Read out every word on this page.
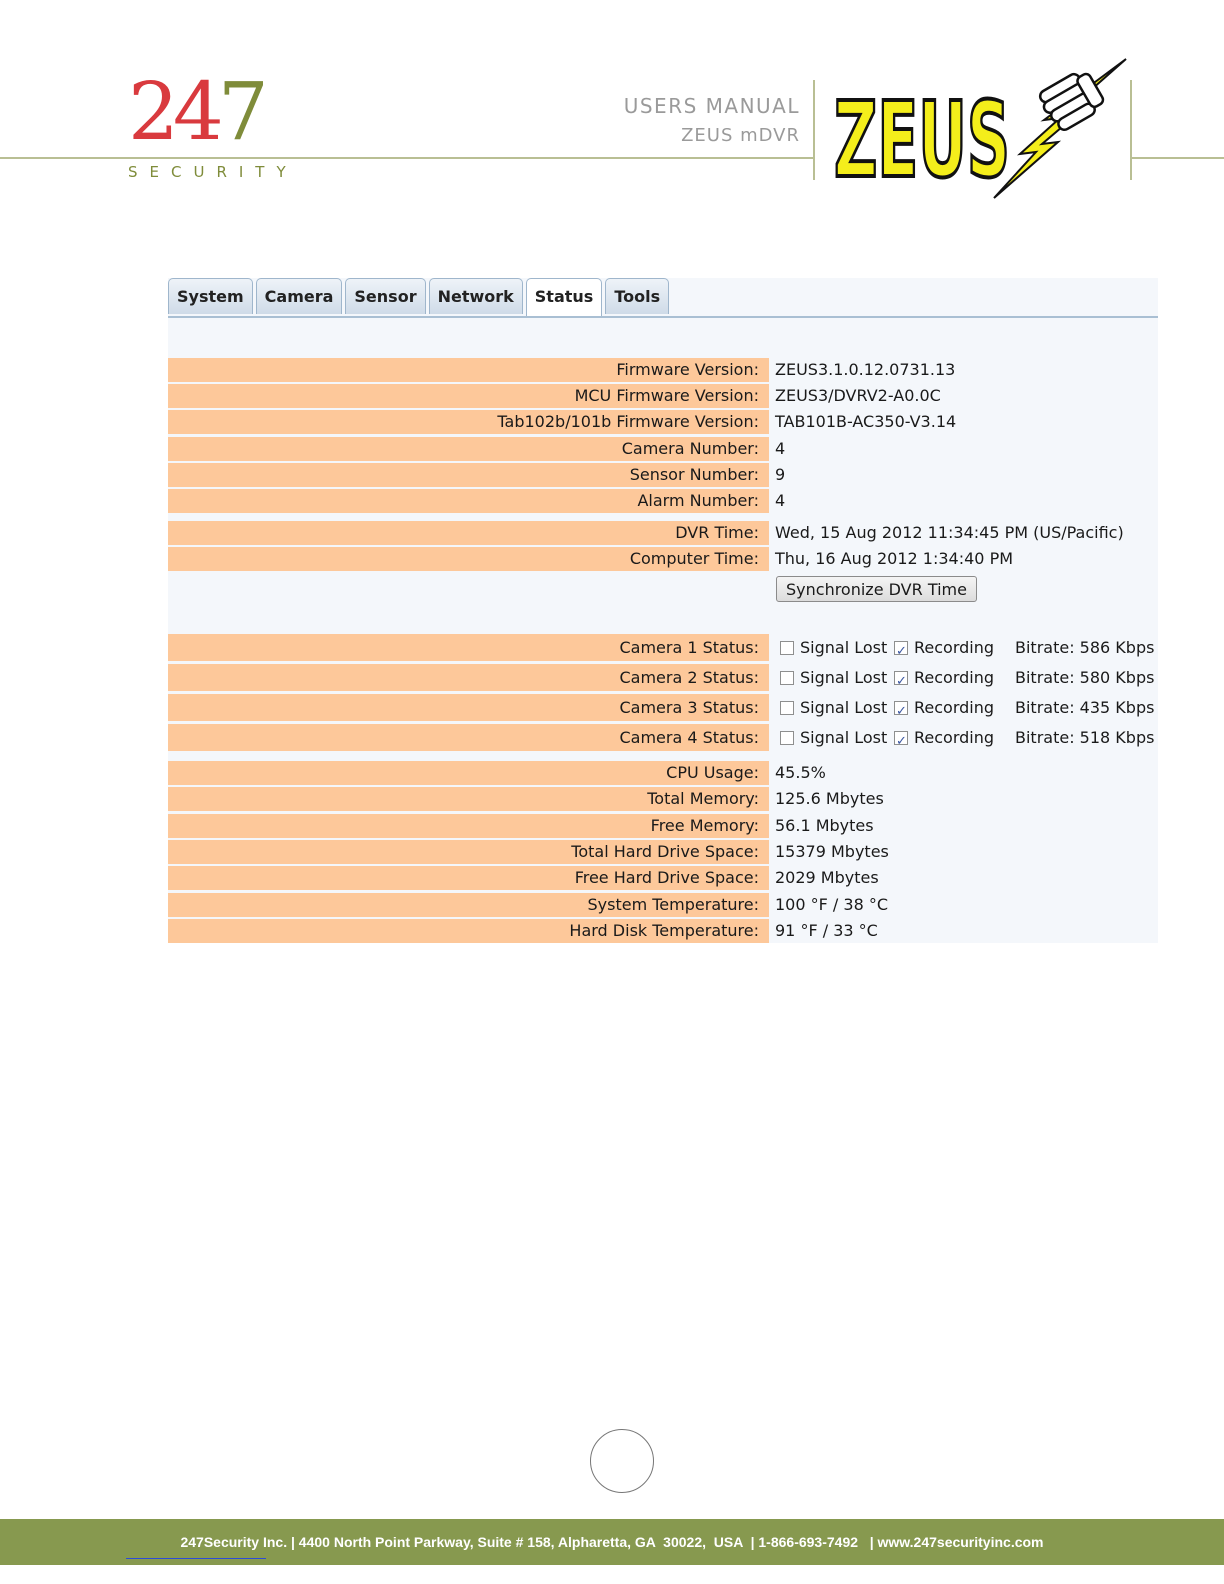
247
SECURITY
USERS MANUAL
ZEUS mDVR ZEUS
System	Camera	Sensor	Network	Status	Tools
Firmware Version:	ZEUS3.1.0.12.0731.13
MCU Firmware Version:	ZEUS3/DVRV2-A0.0C
Tab102b/101b Firmware Version:	TAB101B-AC350-V3.14
Camera Number:	4
Sensor Number:	9
Alarm Number:	4
DVR Time:	Wed, 15 Aug 2012 11:34:45 PM (US/Pacific)
Computer Time:	Thu, 16 Aug 2012 1:34:40 PM
Synchronize DVR Time
Camera 1 Status:	Signal Lost ✓ Recording Bitrate: 586 Kbps
Camera 2 Status:	Signal Lost ✓ Recording Bitrate: 580 Kbps
Camera 3 Status:	Signal Lost ✓ Recording Bitrate: 435 Kbps
Camera 4 Status:	Signal Lost ✓ Recording Bitrate: 518 Kbps
CPU Usage:	45.5%
Total Memory:	125.6 Mbytes
Free Memory:	56.1 Mbytes
Total Hard Drive Space:	15379 Mbytes
Free Hard Drive Space:	2029 Mbytes
System Temperature:	100 °F / 38 °C
Hard Disk Temperature:	91 °F / 33 °C
247Security Inc. | 4400 North Point Parkway, Suite # 158, Alpharetta, GA  30022,  USA  | 1-866-693-7492   | www.247securityinc.com
